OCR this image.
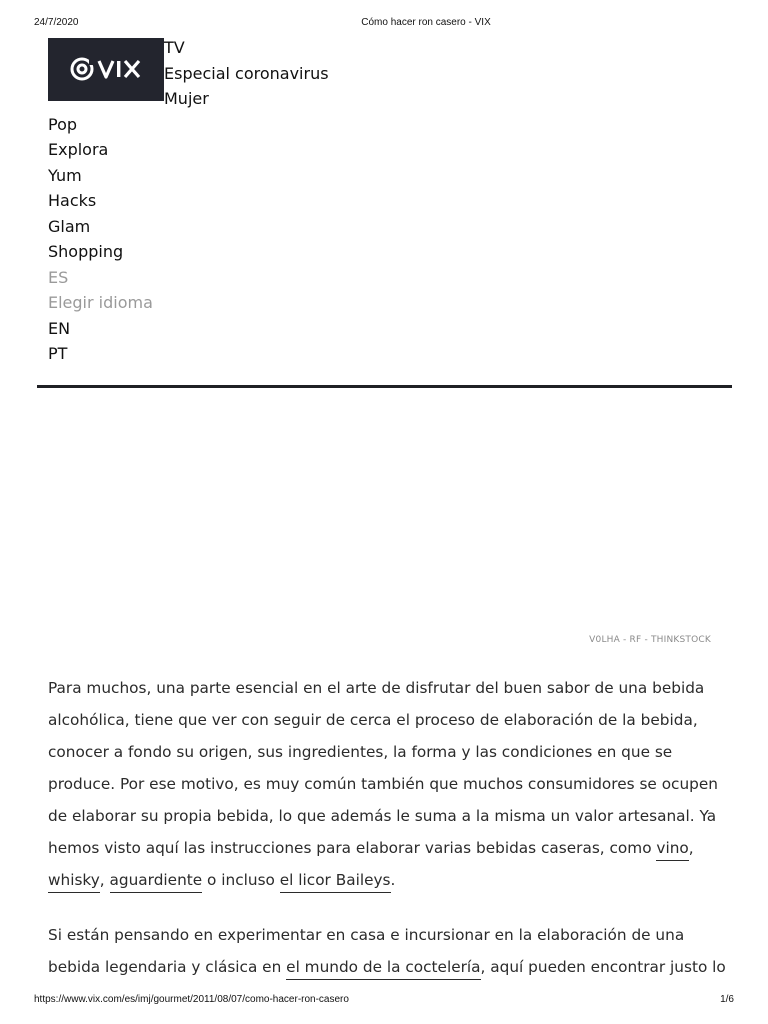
24/7/2020	Cómo hacer ron casero - VIX
TV
Especial coronavirus
Mujer
Pop
Explora
Yum
Hacks
Glam
Shopping
ES
Elegir idioma
EN
PT
V0LHA - RF - THINKSTOCK

Para muchos, una parte esencial en el arte de disfrutar del buen sabor de una bebida alcohólica, tiene que ver con seguir de cerca el proceso de elaboración de la bebida, conocer a fondo su origen, sus ingredientes, la forma y las condiciones en que se produce. Por ese motivo, es muy común también que muchos consumidores se ocupen de elaborar su propia bebida, lo que además le suma a la misma un valor artesanal. Ya hemos visto aquí las instrucciones para elaborar varias bebidas caseras, como vino, whisky, aguardiente o incluso el licor Baileys.

Si están pensando en experimentar en casa e incursionar en la elaboración de una bebida legendaria y clásica en el mundo de la coctelería, aquí pueden encontrar justo lo

https://www.vix.com/es/imj/gourmet/2011/08/07/como-hacer-ron-casero	1/6
